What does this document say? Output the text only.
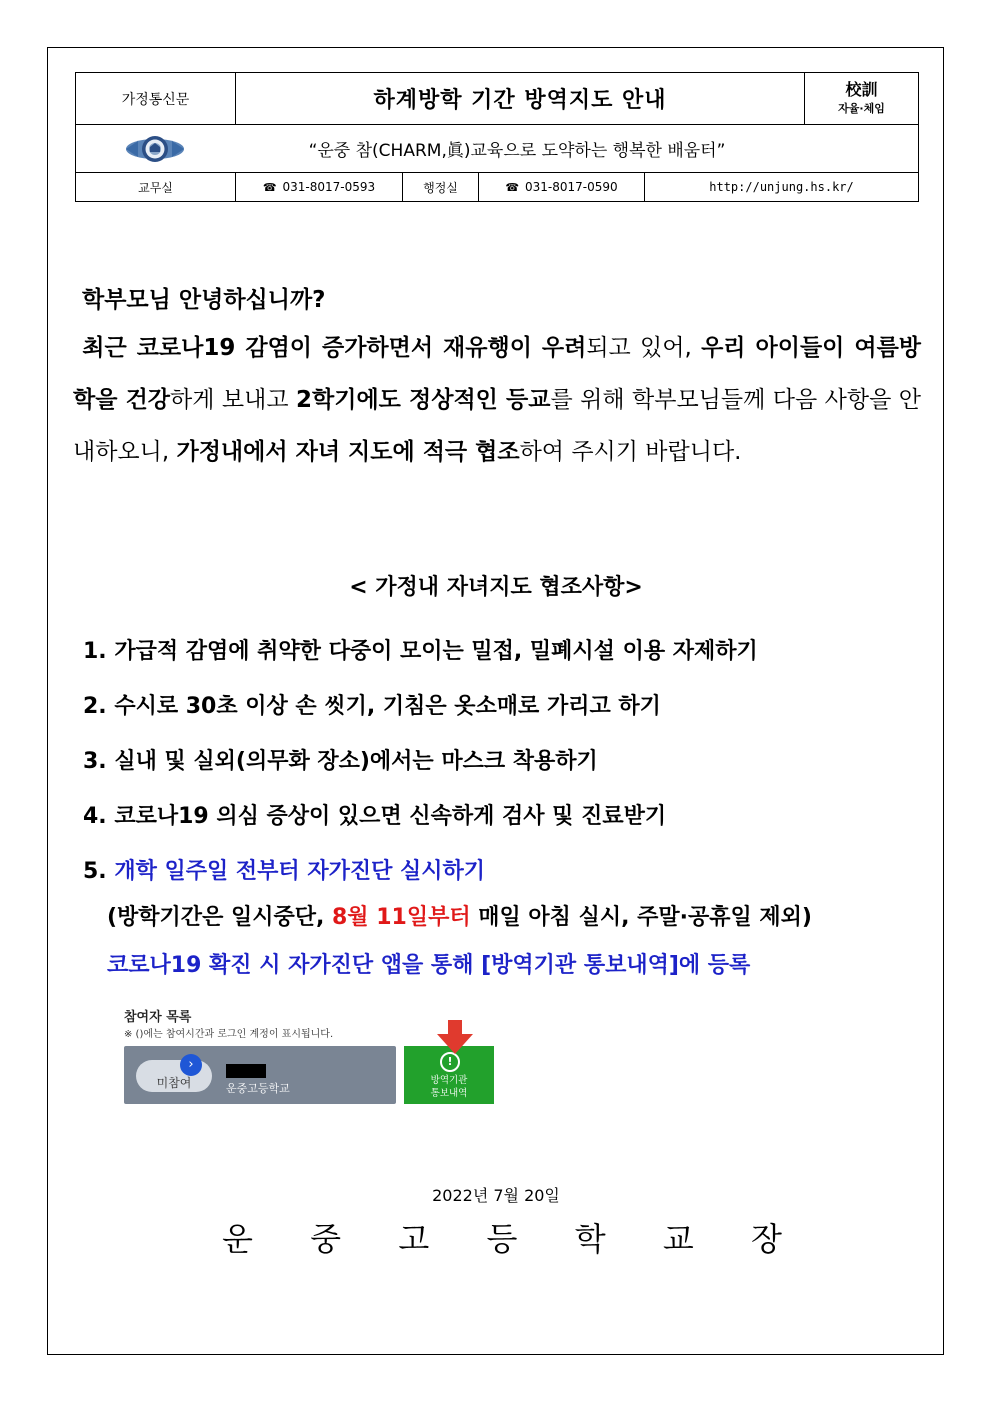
가정통신문	하계방학 기간 방역지도 안내				校訓
자율·체임

“운중 참(CHARM,眞)교육으로 도약하는 행복한 배움터”					
교무실	☎ 031-8017-0593	행정실	☎ 031-8017-0590	http://unjung.hs.kr/	
학부모님 안녕하십니까?
최근 코로나19 감염이 증가하면서 재유행이 우려되고 있어, 우리 아이들이 여름방학을 건강하게 보내고 2학기에도 정상적인 등교를 위해 학부모님들께 다음 사항을 안내하오니, 가정내에서 자녀 지도에 적극 협조하여 주시기 바랍니다.
< 가정내 자녀지도 협조사항>
1. 가급적 감염에 취약한 다중이 모이는 밀접, 밀폐시설 이용 자제하기
2. 수시로 30초 이상 손 씻기, 기침은 옷소매로 가리고 하기
3. 실내 및 실외(의무화 장소)에서는 마스크 착용하기
4. 코로나19 의심 증상이 있으면 신속하게 검사 및 진료받기
5. 개학 일주일 전부터 자가진단 실시하기
(방학기간은 일시중단, 8월 11일부터 매일 아침 실시, 주말·공휴일 제외)
코로나19 확진 시 자가진단 앱을 통해 [방역기관 통보내역]에 등록
참여자 목록
※ ()에는 참여시간과 로그인 계정이 표시됩니다.
›
미참여	운중고등학교
!
방역기관
통보내역
2022년 7월 20일
운 중 고 등 학 교 장
